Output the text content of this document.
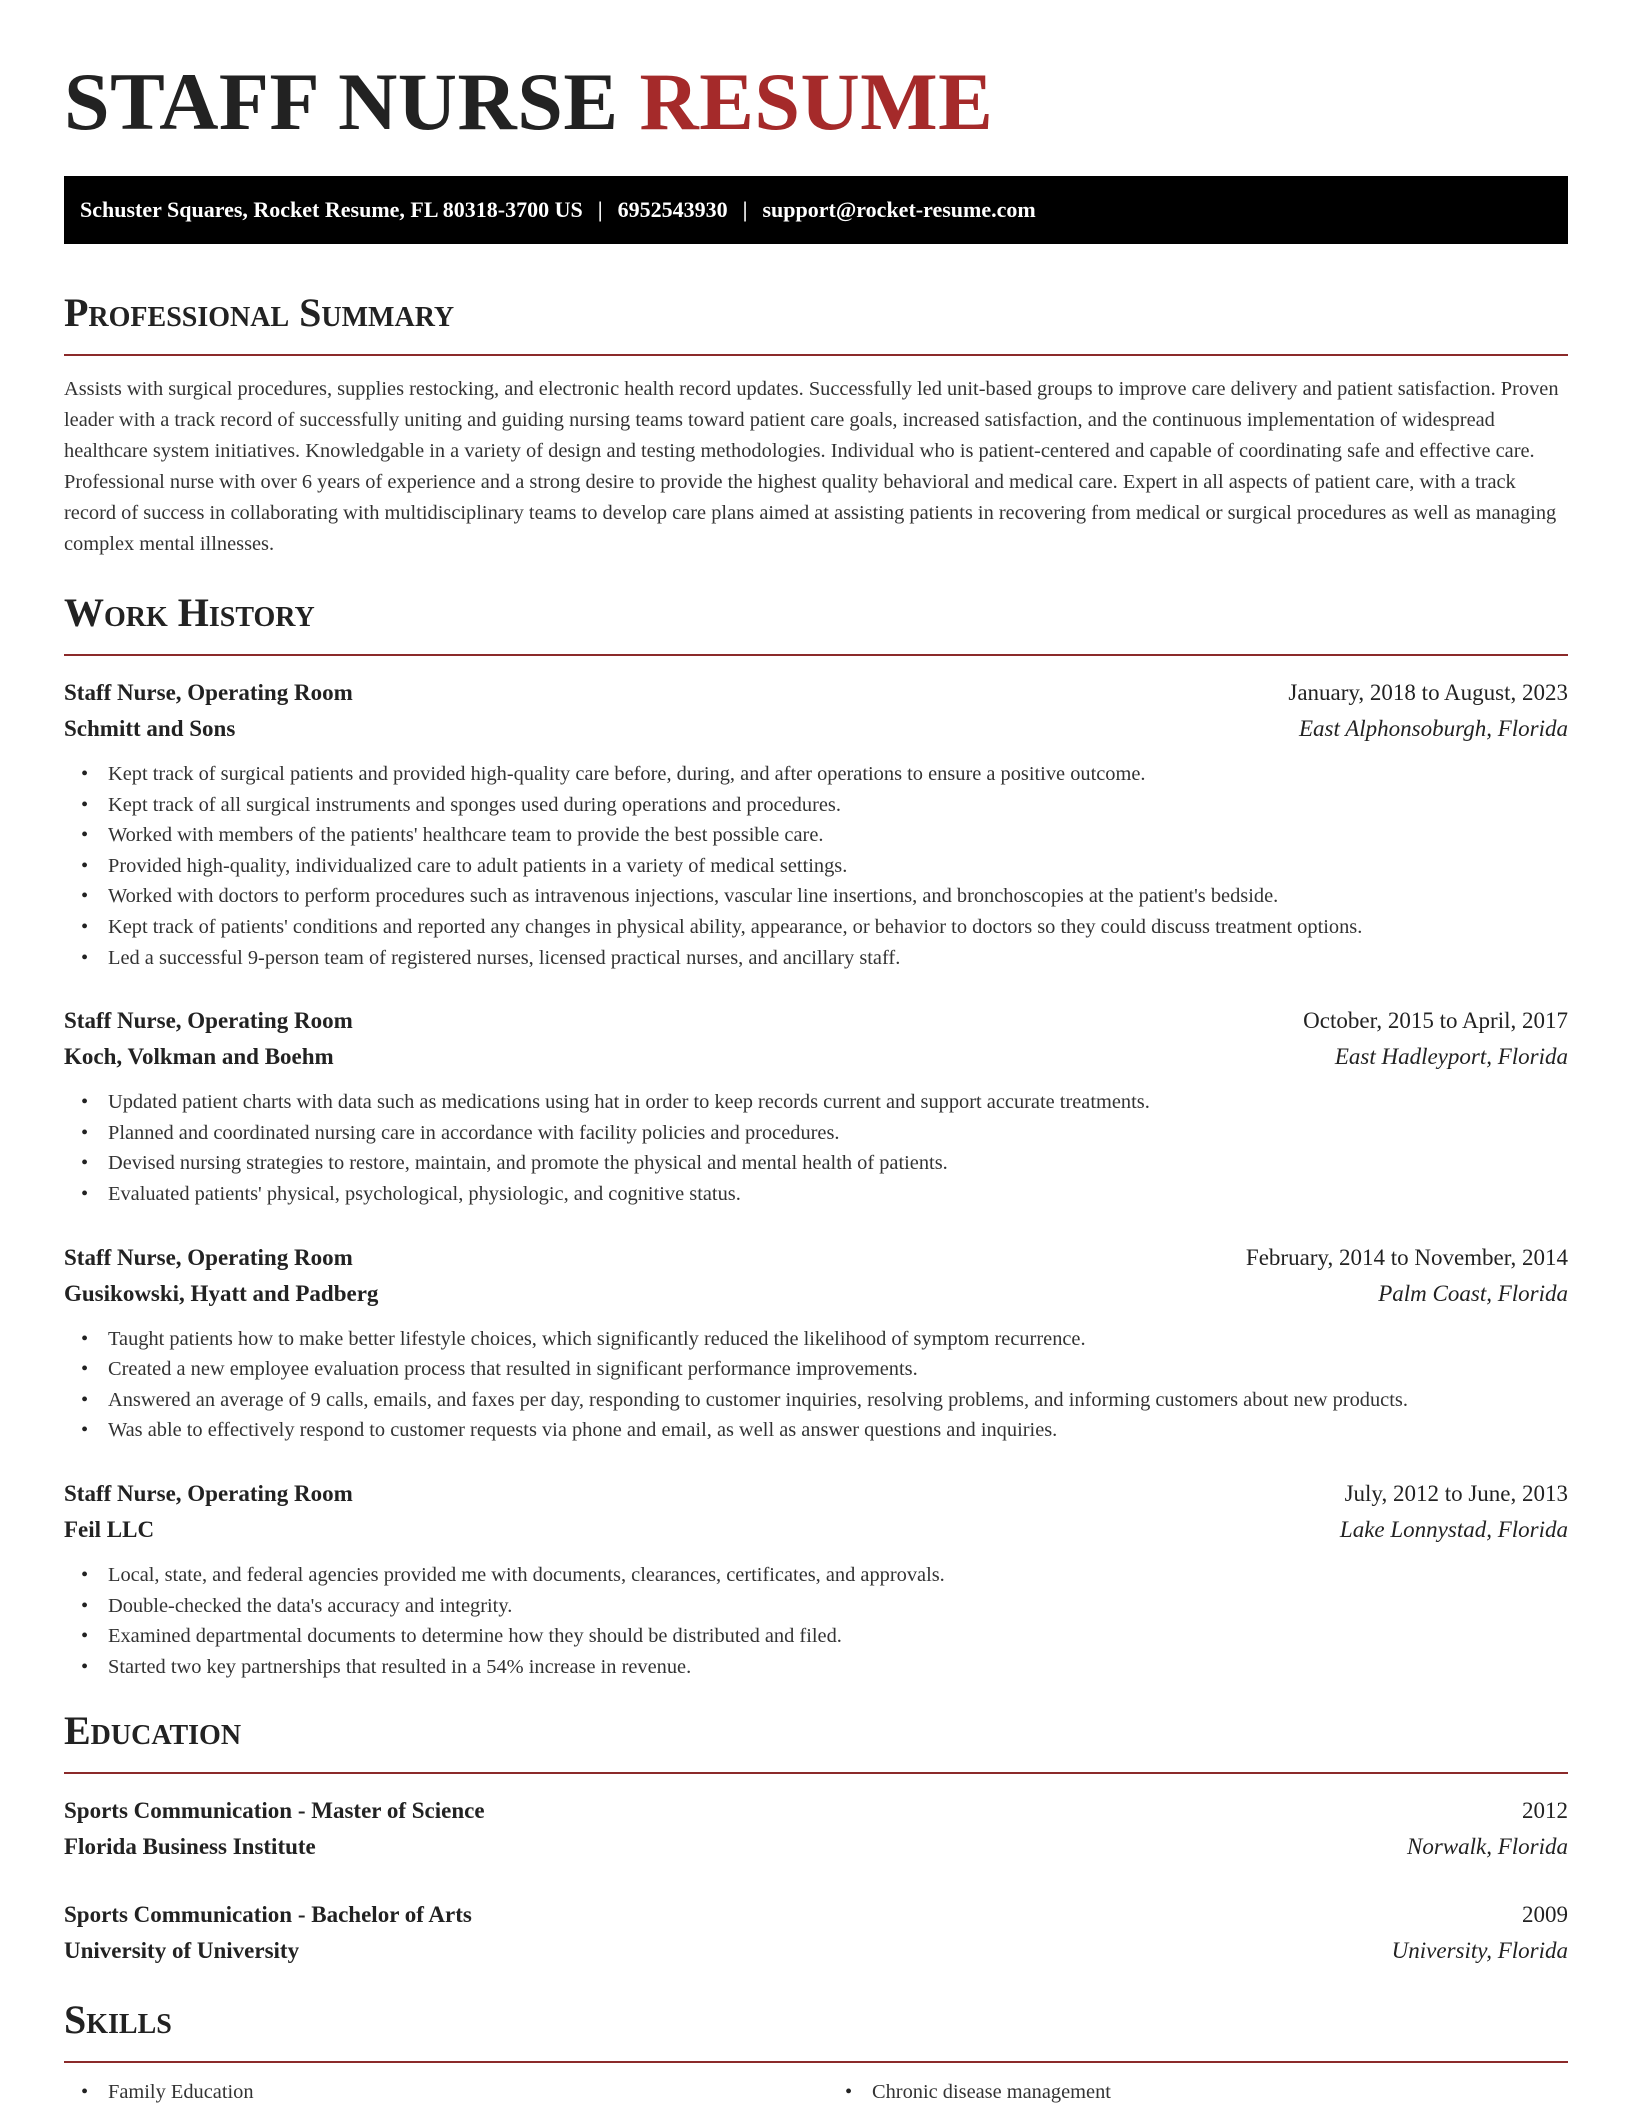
STAFF NURSE RESUME
Schuster Squares, Rocket Resume, FL 80318-3700 US | 6952543930 | support@rocket-resume.com
Professional Summary

Assists with surgical procedures, supplies restocking, and electronic health record updates. Successfully led unit-based groups to improve care delivery and patient satisfaction. Proven leader with a track record of successfully uniting and guiding nursing teams toward patient care goals, increased satisfaction, and the continuous implementation of widespread healthcare system initiatives. Knowledgable in a variety of design and testing methodologies. Individual who is patient-centered and capable of coordinating safe and effective care. Professional nurse with over 6 years of experience and a strong desire to provide the highest quality behavioral and medical care. Expert in all aspects of patient care, with a track record of success in collaborating with multidisciplinary teams to develop care plans aimed at assisting patients in recovering from medical or surgical procedures as well as managing complex mental illnesses.

Work History
Staff Nurse, Operating Room	January, 2018 to August, 2023
Schmitt and Sons	East Alphonsoburgh, Florida
• Kept track of surgical patients and provided high-quality care before, during, and after operations to ensure a positive outcome.
• Kept track of all surgical instruments and sponges used during operations and procedures.
• Worked with members of the patients' healthcare team to provide the best possible care.
• Provided high-quality, individualized care to adult patients in a variety of medical settings.
• Worked with doctors to perform procedures such as intravenous injections, vascular line insertions, and bronchoscopies at the patient's bedside.
• Kept track of patients' conditions and reported any changes in physical ability, appearance, or behavior to doctors so they could discuss treatment options.
• Led a successful 9-person team of registered nurses, licensed practical nurses, and ancillary staff.
Staff Nurse, Operating Room	October, 2015 to April, 2017
Koch, Volkman and Boehm	East Hadleyport, Florida
• Updated patient charts with data such as medications using hat in order to keep records current and support accurate treatments.
• Planned and coordinated nursing care in accordance with facility policies and procedures.
• Devised nursing strategies to restore, maintain, and promote the physical and mental health of patients.
• Evaluated patients' physical, psychological, physiologic, and cognitive status.
Staff Nurse, Operating Room	February, 2014 to November, 2014
Gusikowski, Hyatt and Padberg	Palm Coast, Florida
• Taught patients how to make better lifestyle choices, which significantly reduced the likelihood of symptom recurrence.
• Created a new employee evaluation process that resulted in significant performance improvements.
• Answered an average of 9 calls, emails, and faxes per day, responding to customer inquiries, resolving problems, and informing customers about new products.
• Was able to effectively respond to customer requests via phone and email, as well as answer questions and inquiries.
Staff Nurse, Operating Room	July, 2012 to June, 2013
Feil LLC	Lake Lonnystad, Florida
• Local, state, and federal agencies provided me with documents, clearances, certificates, and approvals.
• Double-checked the data's accuracy and integrity.
• Examined departmental documents to determine how they should be distributed and filed.
• Started two key partnerships that resulted in a 54% increase in revenue.
Education
Sports Communication - Master of Science	2012
Florida Business Institute	Norwalk, Florida
Sports Communication - Bachelor of Arts	2009
University of University	University, Florida
Skills
• Family Education
•	Chronic disease management
